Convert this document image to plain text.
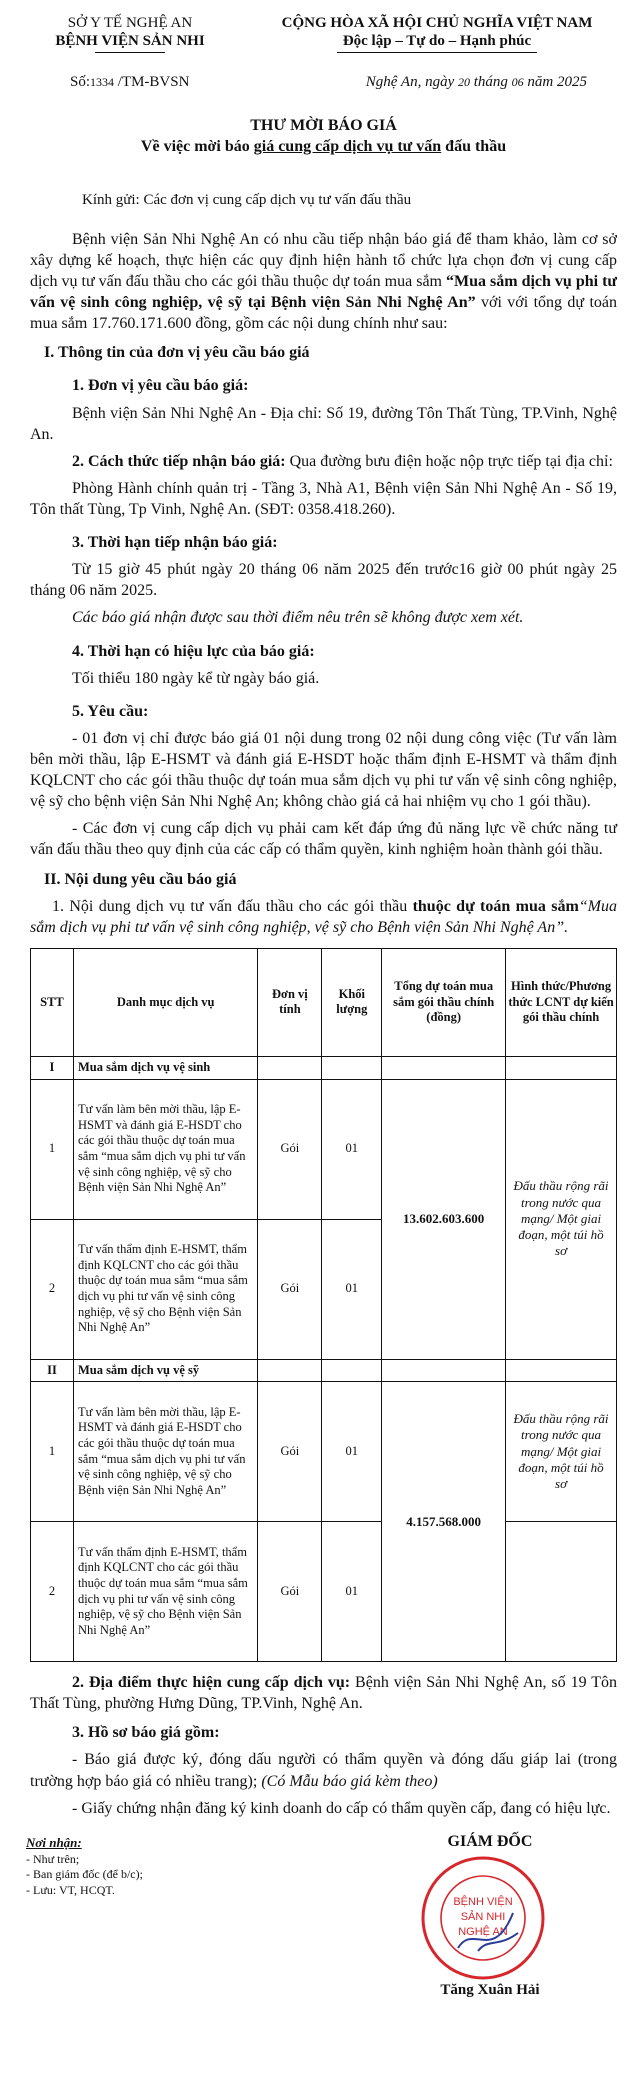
SỞ Y TẾ NGHỆ AN
BỆNH VIỆN SẢN NHI
CỘNG HÒA XÃ HỘI CHỦ NGHĨA VIỆT NAM
Độc lập – Tự do – Hạnh phúc
Số:1334 /TM-BVSN	Nghệ An, ngày 20 tháng 06 năm 2025
THƯ MỜI BÁO GIÁ
Về việc mời báo giá cung cấp dịch vụ tư vấn đấu thầu
Kính gửi: Các đơn vị cung cấp dịch vụ tư vấn đấu thầu

Bệnh viện Sản Nhi Nghệ An có nhu cầu tiếp nhận báo giá để tham khảo, làm cơ sở xây dựng kế hoạch, thực hiện các quy định hiện hành tổ chức lựa chọn đơn vị cung cấp dịch vụ tư vấn đấu thầu cho các gói thầu thuộc dự toán mua sắm “Mua sắm dịch vụ phi tư vấn vệ sinh công nghiệp, vệ sỹ tại Bệnh viện Sản Nhi Nghệ An” với với tổng dự toán mua sắm 17.760.171.600 đồng, gồm các nội dung chính như sau:

I. Thông tin của đơn vị yêu cầu báo giá
1. Đơn vị yêu cầu báo giá:

Bệnh viện Sản Nhi Nghệ An - Địa chỉ: Số 19, đường Tôn Thất Tùng, TP.Vinh, Nghệ An.

2. Cách thức tiếp nhận báo giá: Qua đường bưu điện hoặc nộp trực tiếp tại địa chỉ:

Phòng Hành chính quản trị - Tầng 3, Nhà A1, Bệnh viện Sản Nhi Nghệ An - Số 19, Tôn thất Tùng, Tp Vinh, Nghệ An. (SĐT: 0358.418.260).

3. Thời hạn tiếp nhận báo giá:

Từ 15 giờ 45 phút ngày 20 tháng 06 năm 2025 đến trước16 giờ 00 phút ngày 25 tháng 06 năm 2025.

Các báo giá nhận được sau thời điểm nêu trên sẽ không được xem xét.

4. Thời hạn có hiệu lực của báo giá:

Tối thiểu 180 ngày kể từ ngày báo giá.

5. Yêu cầu:

- 01 đơn vị chỉ được báo giá 01 nội dung trong 02 nội dung công việc (Tư vấn làm bên mời thầu, lập E-HSMT và đánh giá E-HSDT hoặc thẩm định E-HSMT và thẩm định KQLCNT cho các gói thầu thuộc dự toán mua sắm dịch vụ phi tư vấn vệ sinh công nghiệp, vệ sỹ cho bệnh viện Sản Nhi Nghệ An; không chào giá cả hai nhiệm vụ cho 1 gói thầu).

- Các đơn vị cung cấp dịch vụ phải cam kết đáp ứng đủ năng lực về chức năng tư vấn đấu thầu theo quy định của các cấp có thẩm quyền, kinh nghiệm hoàn thành gói thầu.

II. Nội dung yêu cầu báo giá

1. Nội dung dịch vụ tư vấn đấu thầu cho các gói thầu thuộc dự toán mua sắm“Mua sắm dịch vụ phi tư vấn vệ sinh công nghiệp, vệ sỹ cho Bệnh viện Sản Nhi Nghệ An”.

STT	Danh mục dịch vụ	Đơn vị tính	Khối lượng	Tổng dự toán mua sắm gói thầu chính (đồng)	Hình thức/Phương thức LCNT dự kiến gói thầu chính
I	Mua sắm dịch vụ vệ sinh				
1	Tư vấn làm bên mời thầu, lập E-HSMT và đánh giá E-HSDT cho các gói thầu thuộc dự toán mua sắm “mua sắm dịch vụ phi tư vấn vệ sinh công nghiệp, vệ sỹ cho Bệnh viện Sản Nhi Nghệ An”	Gói	01	13.602.603.600	Đấu thầu rộng rãi trong nước qua mạng/ Một giai đoạn, một túi hồ sơ
2	Tư vấn thẩm định E-HSMT, thẩm định KQLCNT cho các gói thầu thuộc dự toán mua sắm “mua sắm dịch vụ phi tư vấn vệ sinh công nghiệp, vệ sỹ cho Bệnh viện Sản Nhi Nghệ An”	Gói	01		
II	Mua sắm dịch vụ vệ sỹ				
1	Tư vấn làm bên mời thầu, lập E-HSMT và đánh giá E-HSDT cho các gói thầu thuộc dự toán mua sắm “mua sắm dịch vụ phi tư vấn vệ sinh công nghiệp, vệ sỹ cho Bệnh viện Sản Nhi Nghệ An”	Gói	01	4.157.568.000	Đấu thầu rộng rãi trong nước qua mạng/ Một giai đoạn, một túi hồ sơ
2	Tư vấn thẩm định E-HSMT, thẩm định KQLCNT cho các gói thầu thuộc dự toán mua sắm “mua sắm dịch vụ phi tư vấn vệ sinh công nghiệp, vệ sỹ cho Bệnh viện Sản Nhi Nghệ An”	Gói	01		

2. Địa điểm thực hiện cung cấp dịch vụ: Bệnh viện Sản Nhi Nghệ An, số 19 Tôn Thất Tùng, phường Hưng Dũng, TP.Vinh, Nghệ An.

3. Hồ sơ báo giá gồm:

- Báo giá được ký, đóng dấu người có thẩm quyền và đóng dấu giáp lai (trong trường hợp báo giá có nhiều trang); (Có Mẫu báo giá kèm theo)

- Giấy chứng nhận đăng ký kinh doanh do cấp có thẩm quyền cấp, đang có hiệu lực.

Nơi nhận:
- Như trên;
- Ban giám đốc (để b/c);
- Lưu: VT, HCQT.
GIÁM ĐỐC
BỆNH VIỆN
SẢN NHI
NGHỆ AN
Tăng Xuân Hải
